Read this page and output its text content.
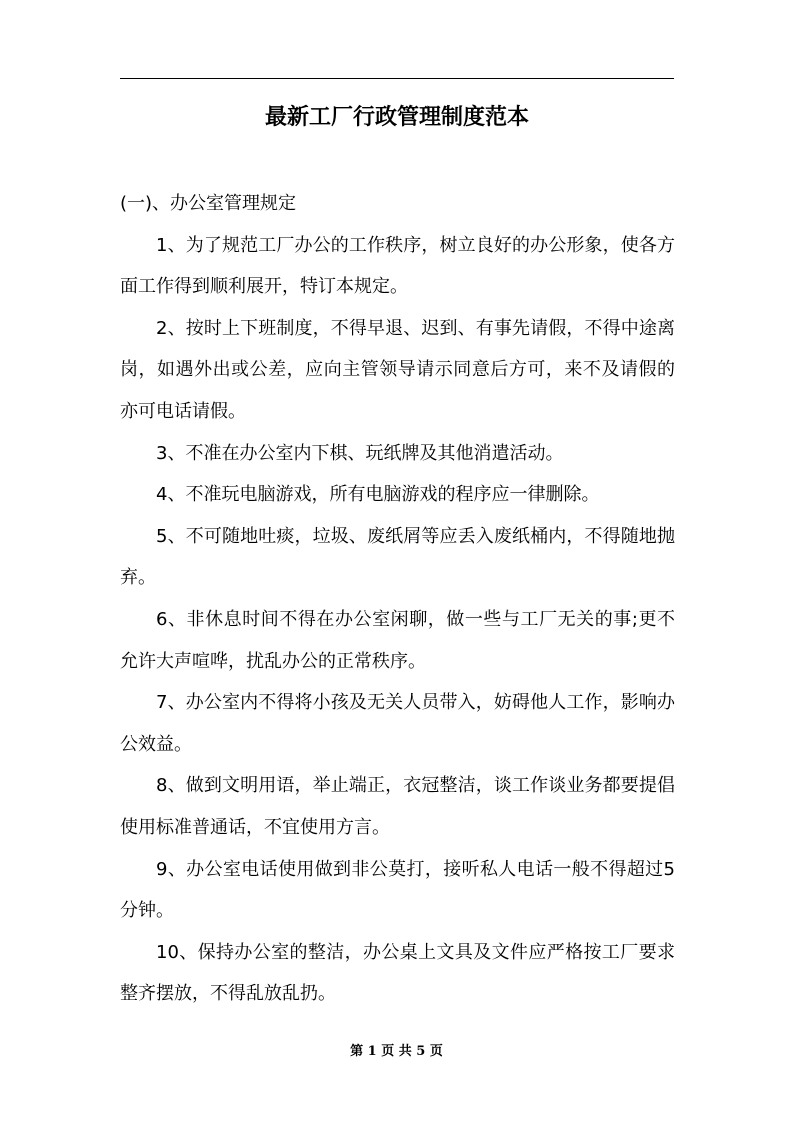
最新工厂行政管理制度范本

(一)、办公室管理规定

1、为了规范工厂办公的工作秩序，树立良好的办公形象，使各方面工作得到顺利展开，特订本规定。

2、按时上下班制度，不得早退、迟到、有事先请假，不得中途离岗，如遇外出或公差，应向主管领导请示同意后方可，来不及请假的亦可电话请假。

3、不准在办公室内下棋、玩纸牌及其他消遣活动。

4、不准玩电脑游戏，所有电脑游戏的程序应一律删除。

5、不可随地吐痰，垃圾、废纸屑等应丢入废纸桶内，不得随地抛弃。

6、非休息时间不得在办公室闲聊，做一些与工厂无关的事;更不允许大声喧哗，扰乱办公的正常秩序。

7、办公室内不得将小孩及无关人员带入，妨碍他人工作，影响办公效益。

8、做到文明用语，举止端正，衣冠整洁，谈工作谈业务都要提倡使用标准普通话，不宜使用方言。

9、办公室电话使用做到非公莫打，接听私人电话一般不得超过5分钟。

10、保持办公室的整洁，办公桌上文具及文件应严格按工厂要求整齐摆放，不得乱放乱扔。

第 1 页 共 5 页
